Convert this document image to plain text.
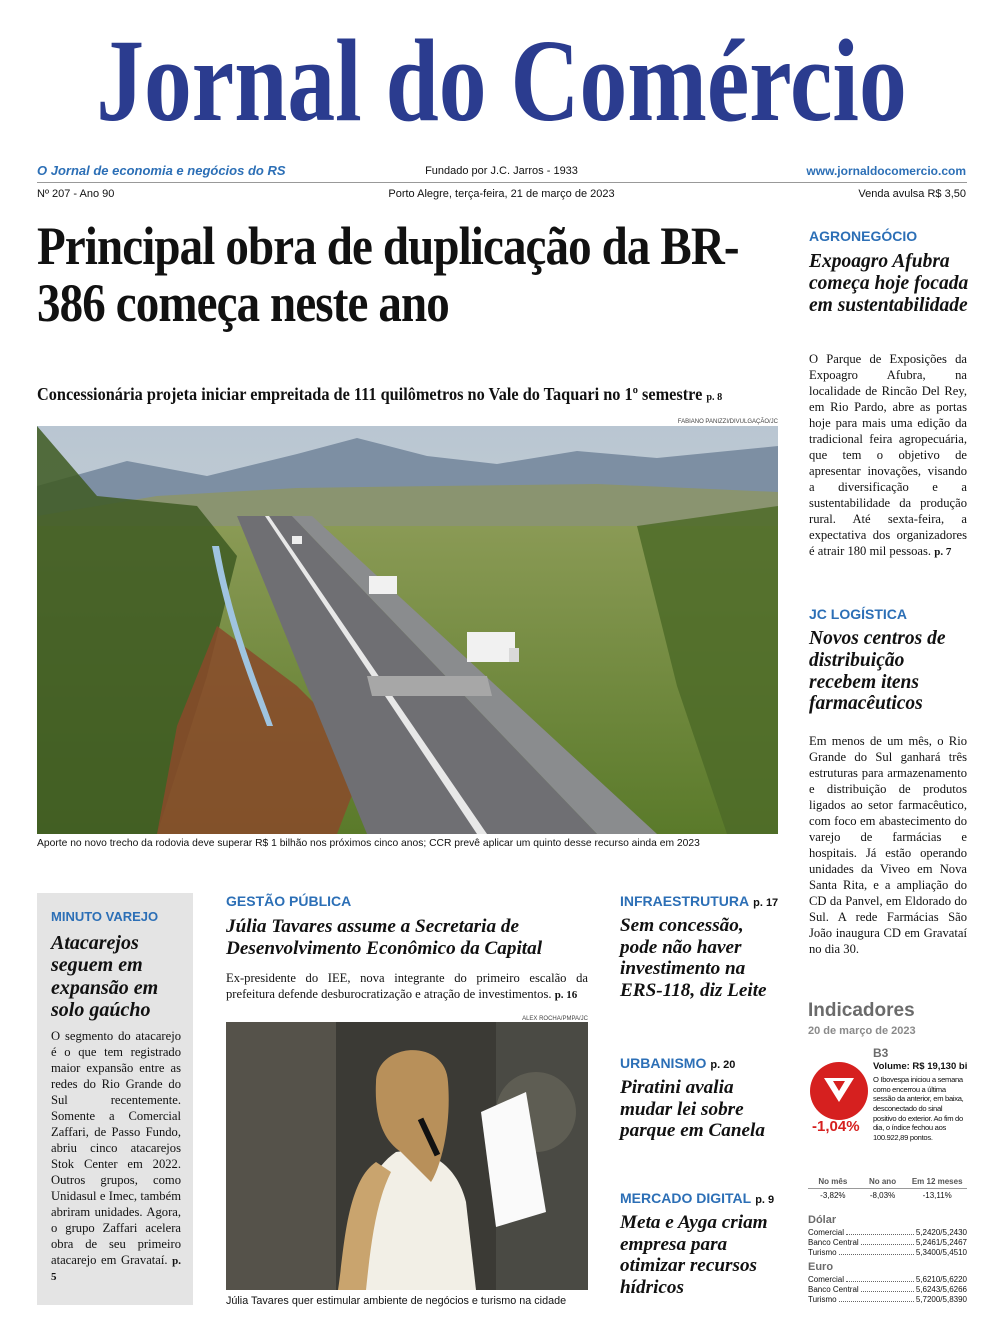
Jornal do Comércio
O Jornal de economia e negócios do RS	Fundado por J.C. Jarros - 1933	www.jornaldocomercio.com
Nº 207 - Ano 90	Porto Alegre, terça-feira, 21 de março de 2023	Venda avulsa R$ 3,50
Principal obra de duplicação da BR-386 começa neste ano
Concessionária projeta iniciar empreitada de 111 quilômetros no Vale do Taquari no 1º semestre p. 8
FABIANO PANIZZI/DIVULGAÇÃO/JC
Aporte no novo trecho da rodovia deve superar R$ 1 bilhão nos próximos cinco anos; CCR prevê aplicar um quinto desse recurso ainda em 2023
AGRONEGÓCIO
Expoagro Afubra começa hoje focada em sustentabilidade
O Parque de Exposições da Expoagro Afubra, na localidade de Rincão Del Rey, em Rio Pardo, abre as portas hoje para mais uma edição da tradicional feira agropecuária, que tem o objetivo de apresentar inovações, visando a diversificação e a sustentabilidade da produção rural. Até sexta-feira, a expectativa dos organizadores é atrair 180 mil pessoas. p. 7
JC LOGÍSTICA
Novos centros de distribuição recebem itens farmacêuticos
Em menos de um mês, o Rio Grande do Sul ganhará três estruturas para armazenamento e distribuição de produtos ligados ao setor farmacêutico, com foco em abastecimento do varejo de farmácias e hospitais. Já estão operando unidades da Viveo em Nova Santa Rita, e a ampliação do CD da Panvel, em Eldorado do Sul. A rede Farmácias São João inaugura CD em Gravataí no dia 30.
MINUTO VAREJO
Atacarejos seguem em expansão em solo gaúcho
O segmento do atacarejo é o que tem registrado maior expansão entre as redes do Rio Grande do Sul recentemente. Somente a Comercial Zaffari, de Passo Fundo, abriu cinco atacarejos Stok Center em 2022. Outros grupos, como Unidasul e Imec, também abriram unidades. Agora, o grupo Zaffari acelera obra de seu primeiro atacarejo em Gravataí. p. 5
GESTÃO PÚBLICA
Júlia Tavares assume a Secretaria de Desenvolvimento Econômico da Capital
Ex-presidente do IEE, nova integrante do primeiro escalão da prefeitura defende desburocratização e atração de investimentos. p. 16
ALEX ROCHA/PMPA/JC
Júlia Tavares quer estimular ambiente de negócios e turismo na cidade
INFRAESTRUTURA p. 17
Sem concessão, pode não haver investimento na ERS-118, diz Leite
URBANISMO p. 20
Piratini avalia mudar lei sobre parque em Canela
MERCADO DIGITAL p. 9
Meta e Ayga criam empresa para otimizar recursos hídricos
Indicadores
20 de março de 2023
B3
-1,04%
Volume: R$ 19,130 bi
O Ibovespa iniciou a semana como encerrou a última sessão da anterior, em baixa, desconectado do sinal positivo do exterior. Ao fim do dia, o índice fechou aos 100.922,89 pontos.
No mês	No ano	Em 12 meses
-3,82%	-8,03%	-13,11%
Dólar
Comercial	5,2420/5,2430
Banco Central	5,2461/5,2467
Turismo	5,3400/5,4510
Euro
Comercial	5,6210/5,6220
Banco Central	5,6243/5,6266
Turismo	5,7200/5,8390
